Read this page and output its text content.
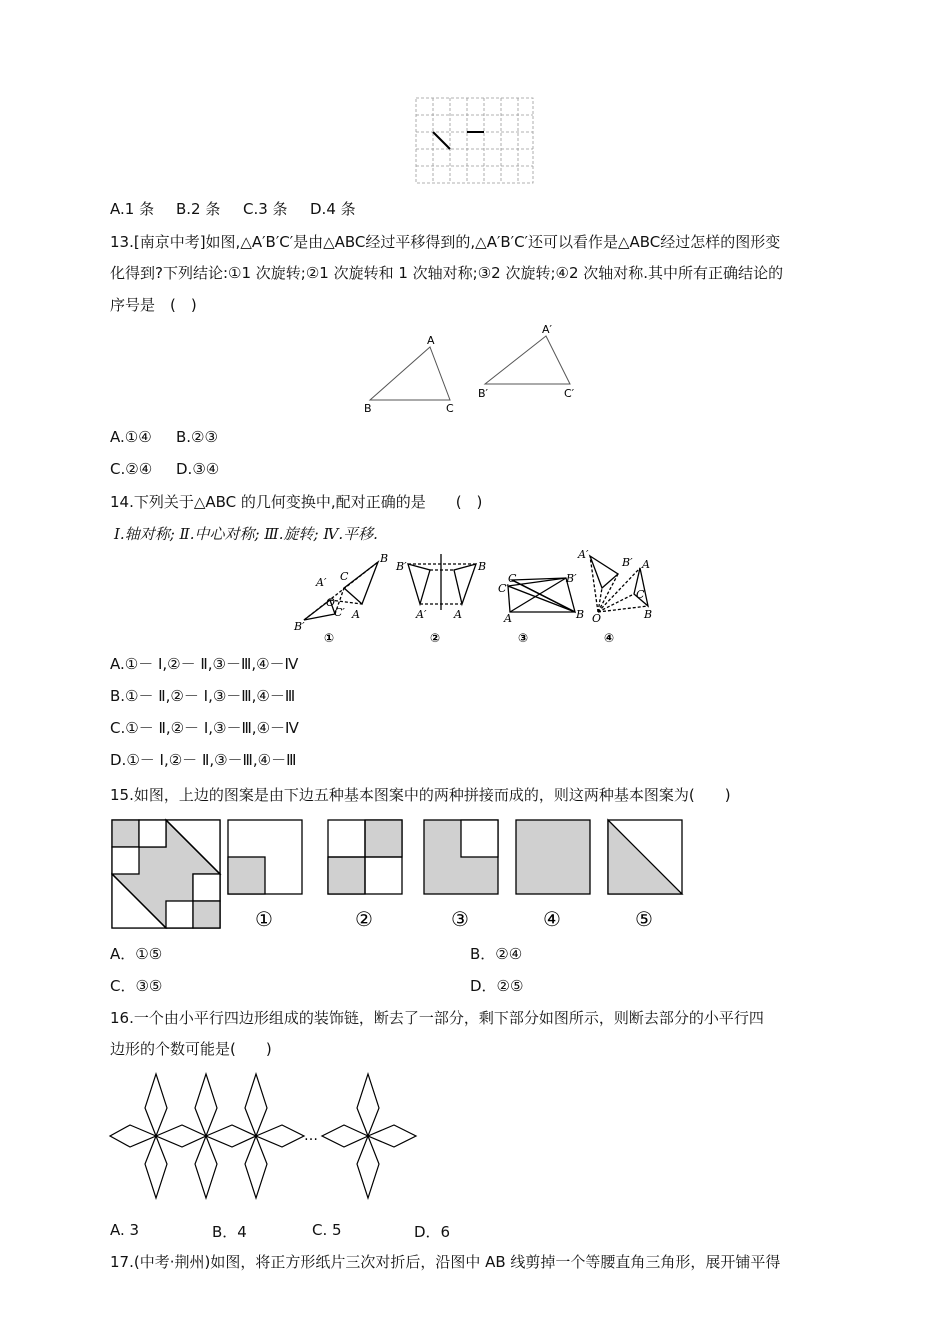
A.1 条 B.2 条 C.3 条 D.4 条
13.[南京中考]如图,△A′B′C′是由△ABC经过平移得到的,△A′B′C′还可以看作是△ABC经过怎样的图形变
化得到?下列结论:①1 次旋转;②1 次旋转和 1 次轴对称;③2 次旋转;④2 次轴对称.其中所有正确结论的
序号是　(　)
A
B	C
A′
B′	C′
A.①④ B.②③
C.②④ D.③④
14.下列关于△ABC 的几何变换中,配对正确的是　　(　)
Ⅰ.轴对称; Ⅱ.中心对称; Ⅲ.旋转; Ⅳ.平移.
A′ C
B
O
C′ A
B′
B′	B
A′	A
C	B′
C′
A	B
A′
B′ A
C
B
O
①	②	③	④
A.①－ Ⅰ,②－ Ⅱ,③－Ⅲ,④－Ⅳ
B.①－ Ⅱ,②－ Ⅰ,③－Ⅲ,④－Ⅲ
C.①－ Ⅱ,②－ Ⅰ,③－Ⅲ,④－Ⅳ
D.①－ Ⅰ,②－ Ⅱ,③－Ⅲ,④－Ⅲ
15.如图，上边的图案是由下边五种基本图案中的两种拼接而成的，则这两种基本图案为(　　)
①	②	③	④	⑤
A．①⑤	B．②④
C．③⑤	D．②⑤
16.一个由小平行四边形组成的装饰链，断去了一部分，剩下部分如图所示，则断去部分的小平行四
边形的个数可能是(　　)
…
A. 3	B．4	C. 5	D．6
17.(中考·荆州)如图，将正方形纸片三次对折后，沿图中 AB 线剪掉一个等腰直角三角形，展开铺平得
